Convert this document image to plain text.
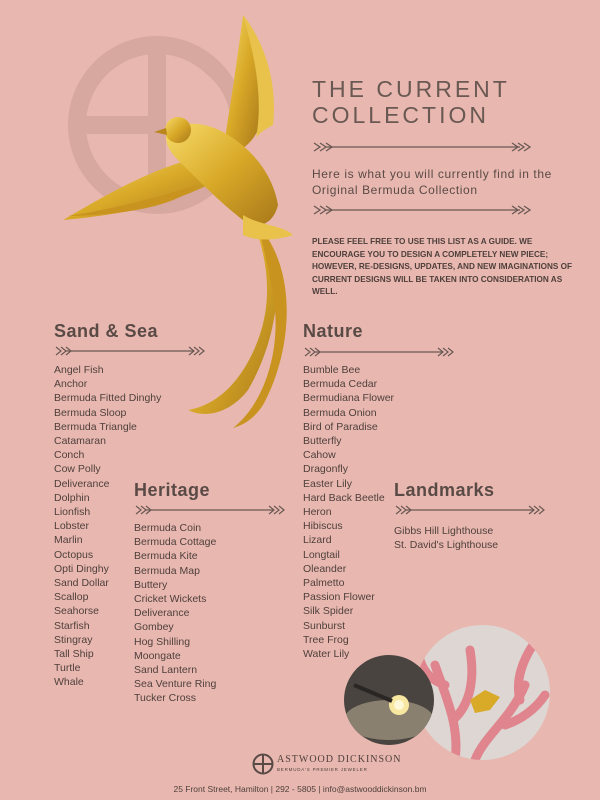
THE CURRENT
COLLECTION

Here is what you will currently find in the Original Bermuda Collection

PLEASE FEEL FREE TO USE THIS LIST AS A GUIDE. WE ENCOURAGE YOU TO DESIGN A COMPLETELY NEW PIECE; HOWEVER, RE-DESIGNS, UPDATES, AND NEW IMAGINATIONS OF CURRENT DESIGNS WILL BE TAKEN INTO CONSIDERATION AS WELL.

Sand & Sea
Angel Fish
Anchor
Bermuda Fitted Dinghy
Bermuda Sloop
Bermuda Triangle
Catamaran
Conch
Cow Polly
Deliverance
Dolphin
Lionfish
Lobster
Marlin
Octopus
Opti Dinghy
Sand Dollar
Scallop
Seahorse
Starfish
Stingray
Tall Ship
Turtle
Whale
Heritage
Bermuda Coin
Bermuda Cottage
Bermuda Kite
Bermuda Map
Buttery
Cricket Wickets
Deliverance
Gombey
Hog Shilling
Moongate
Sand Lantern
Sea Venture Ring
Tucker Cross
Nature
Bumble Bee
Bermuda Cedar
Bermudiana Flower
Bermuda Onion
Bird of Paradise
Butterfly
Cahow
Dragonfly
Easter Lily
Hard Back Beetle
Heron
Hibiscus
Lizard
Longtail
Oleander
Palmetto
Passion Flower
Silk Spider
Sunburst
Tree Frog
Water Lily
Landmarks
Gibbs Hill Lighthouse
St. David's Lighthouse
ASTWOOD DICKINSON
BERMUDA'S PREMIER JEWELER
25 Front Street, Hamilton | 292 - 5805 | info@astwooddickinson.bm
